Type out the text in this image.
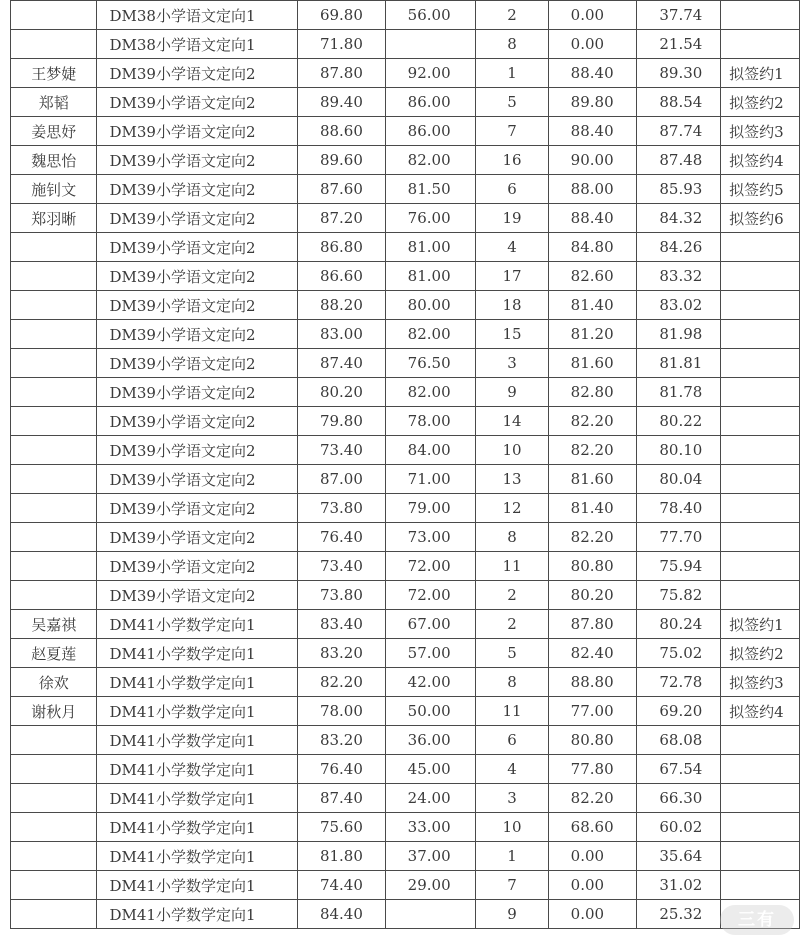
	DM38小学语文定向1	69.80	56.00	2	0.00	37.74	
	DM38小学语文定向1	71.80		8	0.00	21.54	
王梦婕	DM39小学语文定向2	87.80	92.00	1	88.40	89.30	拟签约1
郑韬	DM39小学语文定向2	89.40	86.00	5	89.80	88.54	拟签约2
姜思妤	DM39小学语文定向2	88.60	86.00	7	88.40	87.74	拟签约3
魏思怡	DM39小学语文定向2	89.60	82.00	16	90.00	87.48	拟签约4
施钊文	DM39小学语文定向2	87.60	81.50	6	88.00	85.93	拟签约5
郑羽晰	DM39小学语文定向2	87.20	76.00	19	88.40	84.32	拟签约6
	DM39小学语文定向2	86.80	81.00	4	84.80	84.26	
	DM39小学语文定向2	86.60	81.00	17	82.60	83.32	
	DM39小学语文定向2	88.20	80.00	18	81.40	83.02	
	DM39小学语文定向2	83.00	82.00	15	81.20	81.98	
	DM39小学语文定向2	87.40	76.50	3	81.60	81.81	
	DM39小学语文定向2	80.20	82.00	9	82.80	81.78	
	DM39小学语文定向2	79.80	78.00	14	82.20	80.22	
	DM39小学语文定向2	73.40	84.00	10	82.20	80.10	
	DM39小学语文定向2	87.00	71.00	13	81.60	80.04	
	DM39小学语文定向2	73.80	79.00	12	81.40	78.40	
	DM39小学语文定向2	76.40	73.00	8	82.20	77.70	
	DM39小学语文定向2	73.40	72.00	11	80.80	75.94	
	DM39小学语文定向2	73.80	72.00	2	80.20	75.82	
吴嘉祺	DM41小学数学定向1	83.40	67.00	2	87.80	80.24	拟签约1
赵夏莲	DM41小学数学定向1	83.20	57.00	5	82.40	75.02	拟签约2
徐欢	DM41小学数学定向1	82.20	42.00	8	88.80	72.78	拟签约3
谢秋月	DM41小学数学定向1	78.00	50.00	11	77.00	69.20	拟签约4
	DM41小学数学定向1	83.20	36.00	6	80.80	68.08	
	DM41小学数学定向1	76.40	45.00	4	77.80	67.54	
	DM41小学数学定向1	87.40	24.00	3	82.20	66.30	
	DM41小学数学定向1	75.60	33.00	10	68.60	60.02	
	DM41小学数学定向1	81.80	37.00	1	0.00	35.64	
	DM41小学数学定向1	74.40	29.00	7	0.00	31.02	
	DM41小学数学定向1	84.40		9	0.00	25.32		三有
